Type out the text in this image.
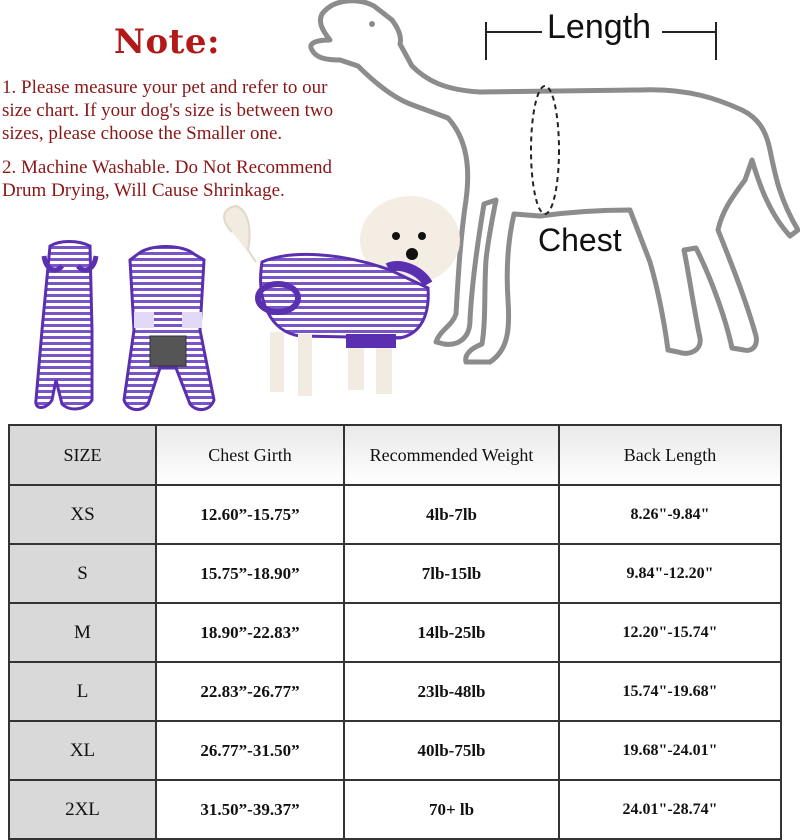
Note:
1. Please measure your pet and refer to our
size chart. If your dog's size is between two
sizes, please choose the Smaller one.
2. Machine Washable. Do Not Recommend
Drum Drying, Will Cause Shrinkage.
Length
Chest
SIZE	Chest Girth	Recommended Weight	Back Length
XS	12.60”-15.75”	4lb-7lb	8.26"-9.84"
S	15.75”-18.90”	7lb-15lb	9.84"-12.20"
M	18.90”-22.83”	14lb-25lb	12.20"-15.74"
L	22.83”-26.77”	23lb-48lb	15.74"-19.68"
XL	26.77”-31.50”	40lb-75lb	19.68"-24.01"
2XL	31.50”-39.37”	70+ lb	24.01"-28.74"
